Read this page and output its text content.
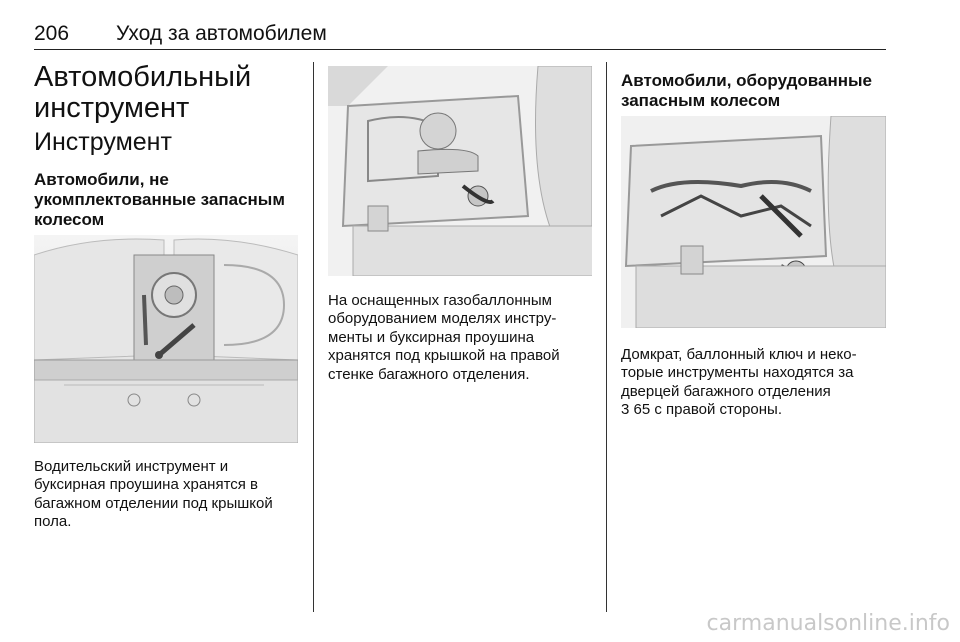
206 Уход за автомобилем
Автомобильный инструмент
Инструмент
Автомобили, не укомплектованные запасным колесом

Водительский инструмент и буксирная проушина хранятся в багажном отделении под крышкой пола.

На оснащенных газобаллонным оборудованием моделях инстру-менты и буксирная проушина хранятся под крышкой на правой стенке багажного отделения.

Автомобили, оборудованные запасным колесом

Домкрат, баллонный ключ и неко-торые инструменты находятся за дверцей багажного отделения
3 65 с правой стороны.

carmanualsonline.info
